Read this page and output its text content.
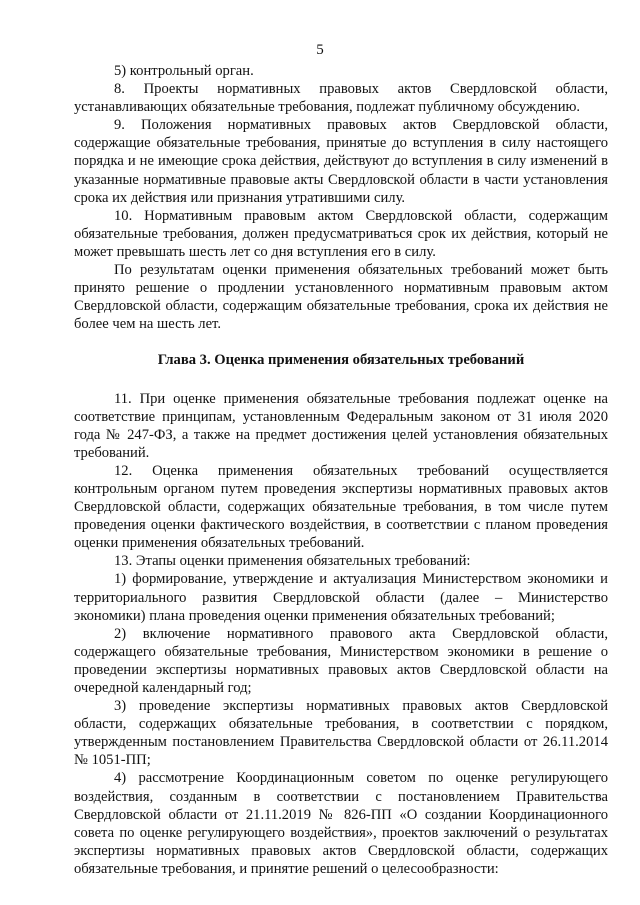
5

5) контрольный орган.

8. Проекты нормативных правовых актов Свердловской области, устанавливающих обязательные требования, подлежат публичному обсуждению.

9. Положения нормативных правовых актов Свердловской области, содержащие обязательные требования, принятые до вступления в силу настоящего порядка и не имеющие срока действия, действуют до вступления в силу изменений в указанные нормативные правовые акты Свердловской области в части установления срока их действия или признания утратившими силу.

10. Нормативным правовым актом Свердловской области, содержащим обязательные требования, должен предусматриваться срок их действия, который не может превышать шесть лет со дня вступления его в силу.

По результатам оценки применения обязательных требований может быть принято решение о продлении установленного нормативным правовым актом Свердловской области, содержащим обязательные требования, срока их действия не более чем на шесть лет.

Глава 3. Оценка применения обязательных требований

11. При оценке применения обязательные требования подлежат оценке на соответствие принципам, установленным Федеральным законом от 31 июля 2020 года № 247-ФЗ, а также на предмет достижения целей установления обязательных требований.

12. Оценка применения обязательных требований осуществляется контрольным органом путем проведения экспертизы нормативных правовых актов Свердловской области, содержащих обязательные требования, в том числе путем проведения оценки фактического воздействия, в соответствии с планом проведения оценки применения обязательных требований.

13. Этапы оценки применения обязательных требований:

1) формирование, утверждение и актуализация Министерством экономики и территориального развития Свердловской области (далее – Министерство экономики) плана проведения оценки применения обязательных требований;

2) включение нормативного правового акта Свердловской области, содержащего обязательные требования, Министерством экономики в решение о проведении экспертизы нормативных правовых актов Свердловской области на очередной календарный год;

3) проведение экспертизы нормативных правовых актов Свердловской области, содержащих обязательные требования, в соответствии с порядком, утвержденным постановлением Правительства Свердловской области от 26.11.2014 № 1051-ПП;

4) рассмотрение Координационным советом по оценке регулирующего воздействия, созданным в соответствии с постановлением Правительства Свердловской области от 21.11.2019 № 826-ПП «О создании Координационного совета по оценке регулирующего воздействия», проектов заключений о результатах экспертизы нормативных правовых актов Свердловской области, содержащих обязательные требования, и принятие решений о целесообразности:
